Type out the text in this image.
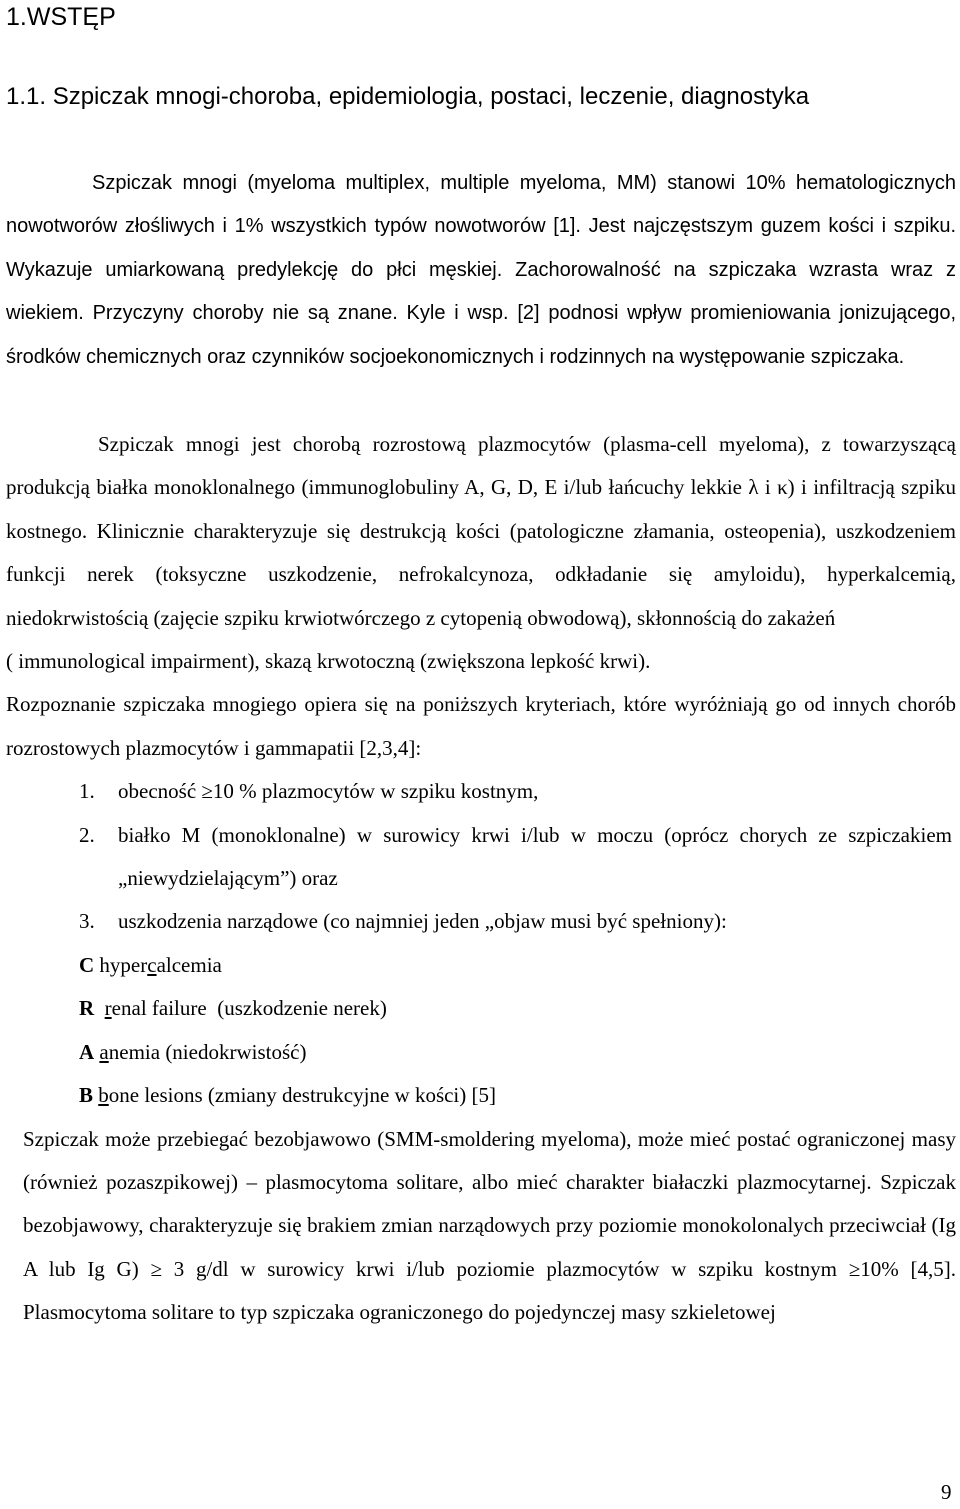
1.WSTĘP
1.1. Szpiczak mnogi-choroba, epidemiologia, postaci, leczenie, diagnostyka

Szpiczak mnogi (myeloma multiplex, multiple myeloma, MM) stanowi 10% hematologicznych nowotworów złośliwych i 1% wszystkich typów nowotworów [1]. Jest najczęstszym guzem kości i szpiku. Wykazuje umiarkowaną predylekcję do płci męskiej. Zachorowalność na szpiczaka wzrasta wraz z wiekiem. Przyczyny choroby nie są znane. Kyle i wsp. [2] podnosi wpływ promieniowania jonizującego, środków chemicznych oraz czynników socjoekonomicznych i rodzinnych na występowanie szpiczaka.

Szpiczak mnogi jest chorobą rozrostową plazmocytów (plasma-cell myeloma), z towarzyszącą produkcją białka monoklonalnego (immunoglobuliny A, G, D, E i/lub łańcuchy lekkie λ i κ) i infiltracją szpiku kostnego. Klinicznie charakteryzuje się destrukcją kości (patologiczne złamania, osteopenia), uszkodzeniem funkcji nerek (toksyczne uszkodzenie, nefrokalcynoza, odkładanie się amyloidu), hyperkalcemią, niedokrwistością (zajęcie szpiku krwiotwórczego z cytopenią obwodową), skłonnością do zakażeń

( immunological impairment), skazą krwotoczną (zwiększona lepkość krwi).

Rozpoznanie szpiczaka mnogiego opiera się na poniższych kryteriach, które wyróżniają go od innych chorób rozrostowych plazmocytów i gammapatii [2,3,4]:

1. obecność ≥10 % plazmocytów w szpiku kostnym,
2. białko M (monoklonalne) w surowicy krwi i/lub w moczu (oprócz chorych ze szpiczakiem „niewydzielającym”) oraz
3. uszkodzenia narządowe (co najmniej jeden „objaw musi być spełniony):
C hypercalcemia
R renal failure (uszkodzenie nerek)
A anemia (niedokrwistość)
B bone lesions (zmiany destrukcyjne w kości) [5]

Szpiczak może przebiegać bezobjawowo (SMM-smoldering myeloma), może mieć postać ograniczonej masy (również pozaszpikowej) – plasmocytoma solitare, albo mieć charakter białaczki plazmocytarnej. Szpiczak bezobjawowy, charakteryzuje się brakiem zmian narządowych przy poziomie monokolonalych przeciwciał (Ig A lub Ig G) ≥ 3 g/dl w surowicy krwi i/lub poziomie plazmocytów w szpiku kostnym ≥10% [4,5]. Plasmocytoma solitare to typ szpiczaka ograniczonego do pojedynczej masy szkieletowej

9
